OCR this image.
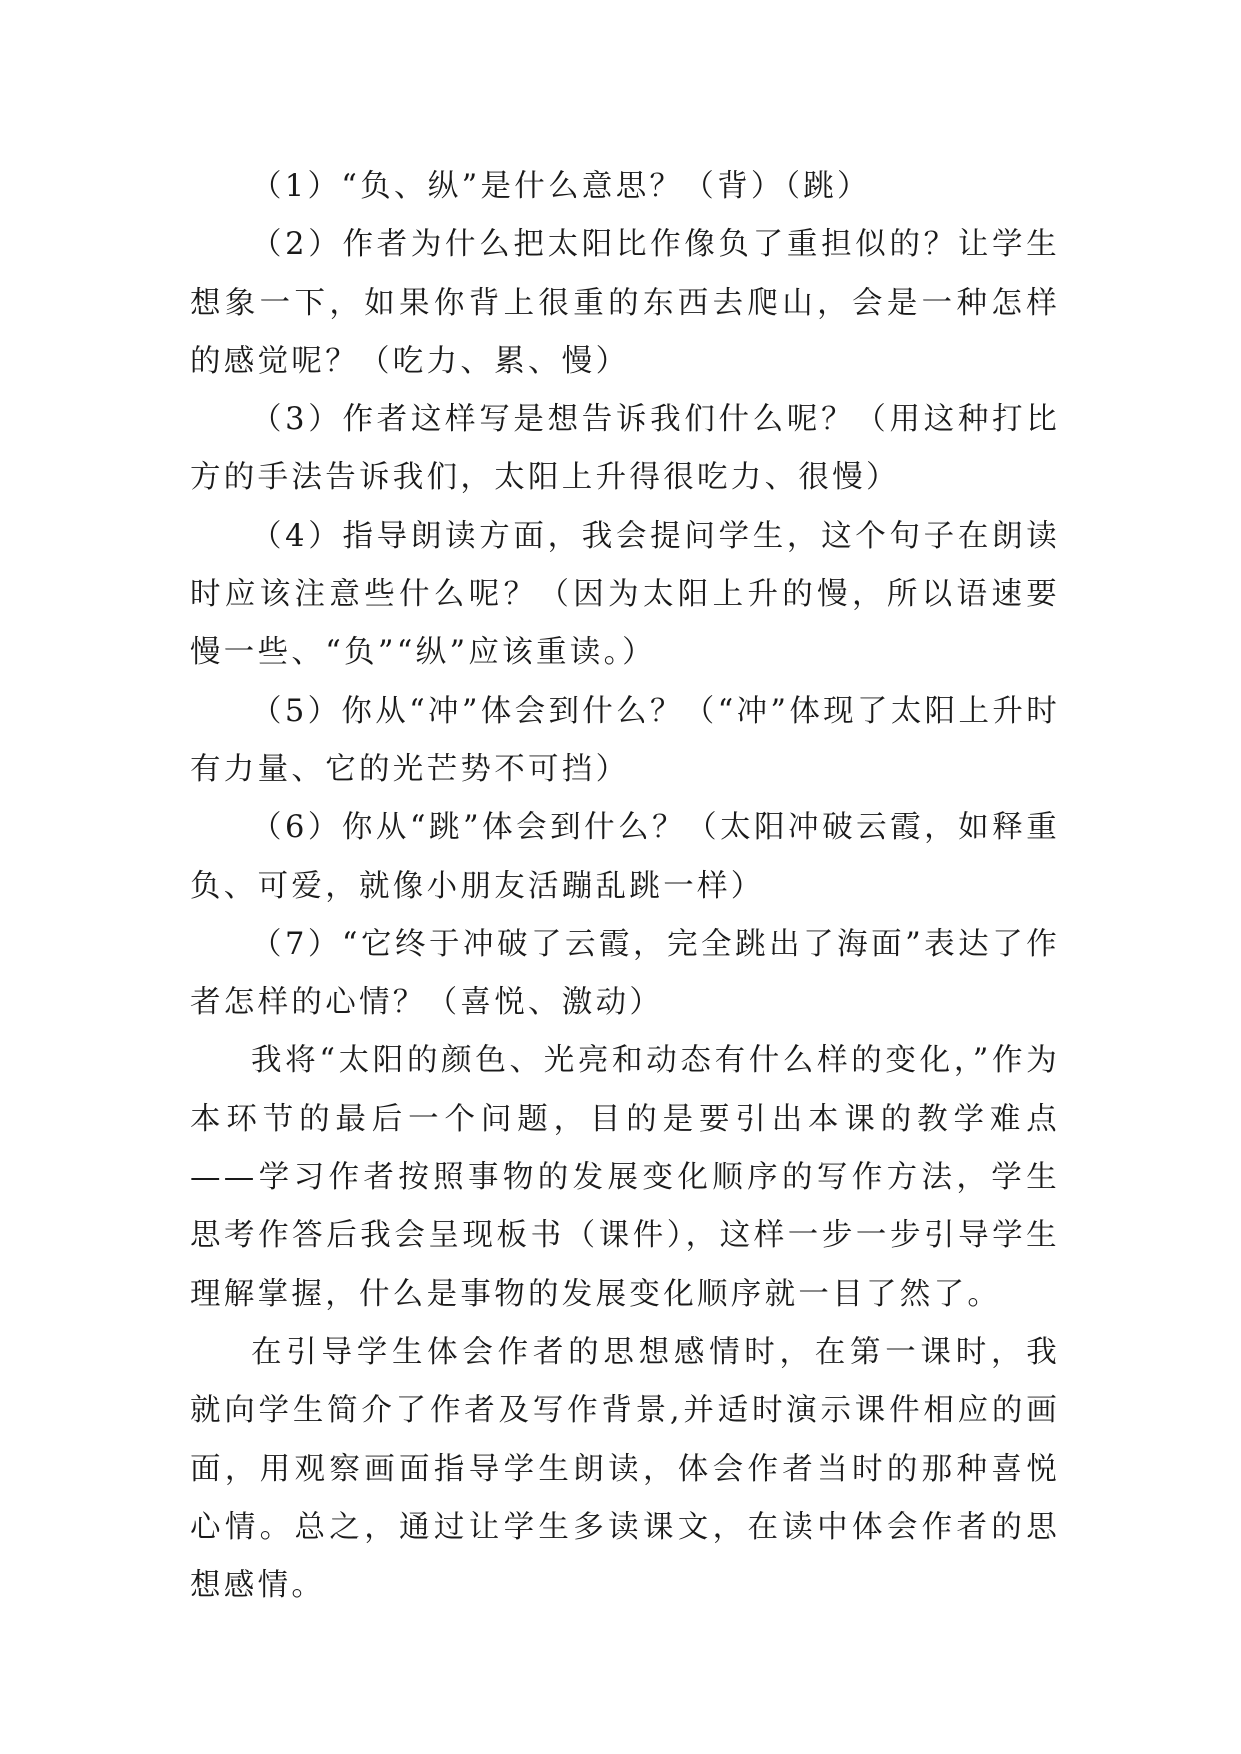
（1）“负、纵”是什么意思？（背）（跳）

（2）作者为什么把太阳比作像负了重担似的？让学生想象一下，如果你背上很重的东西去爬山，会是一种怎样的感觉呢？（吃力、累、慢）

（3）作者这样写是想告诉我们什么呢？（用这种打比方的手法告诉我们，太阳上升得很吃力、很慢）

（4）指导朗读方面，我会提问学生，这个句子在朗读时应该注意些什么呢？（因为太阳上升的慢，所以语速要慢一些、“负”“纵”应该重读。）

（5）你从“冲”体会到什么？（“冲”体现了太阳上升时有力量、它的光芒势不可挡）

（6）你从“跳”体会到什么？（太阳冲破云霞，如释重负、可爱，就像小朋友活蹦乱跳一样）

（7）“它终于冲破了云霞，完全跳出了海面”表达了作者怎样的心情？（喜悦、激动）

我将“太阳的颜色、光亮和动态有什么样的变化，”作为本环节的最后一个问题，目的是要引出本课的教学难点——学习作者按照事物的发展变化顺序的写作方法，学生思考作答后我会呈现板书（课件），这样一步一步引导学生理解掌握，什么是事物的发展变化顺序就一目了然了。

在引导学生体会作者的思想感情时，在第一课时，我就向学生简介了作者及写作背景,并适时演示课件相应的画面，用观察画面指导学生朗读，体会作者当时的那种喜悦心情。总之，通过让学生多读课文，在读中体会作者的思想感情。
